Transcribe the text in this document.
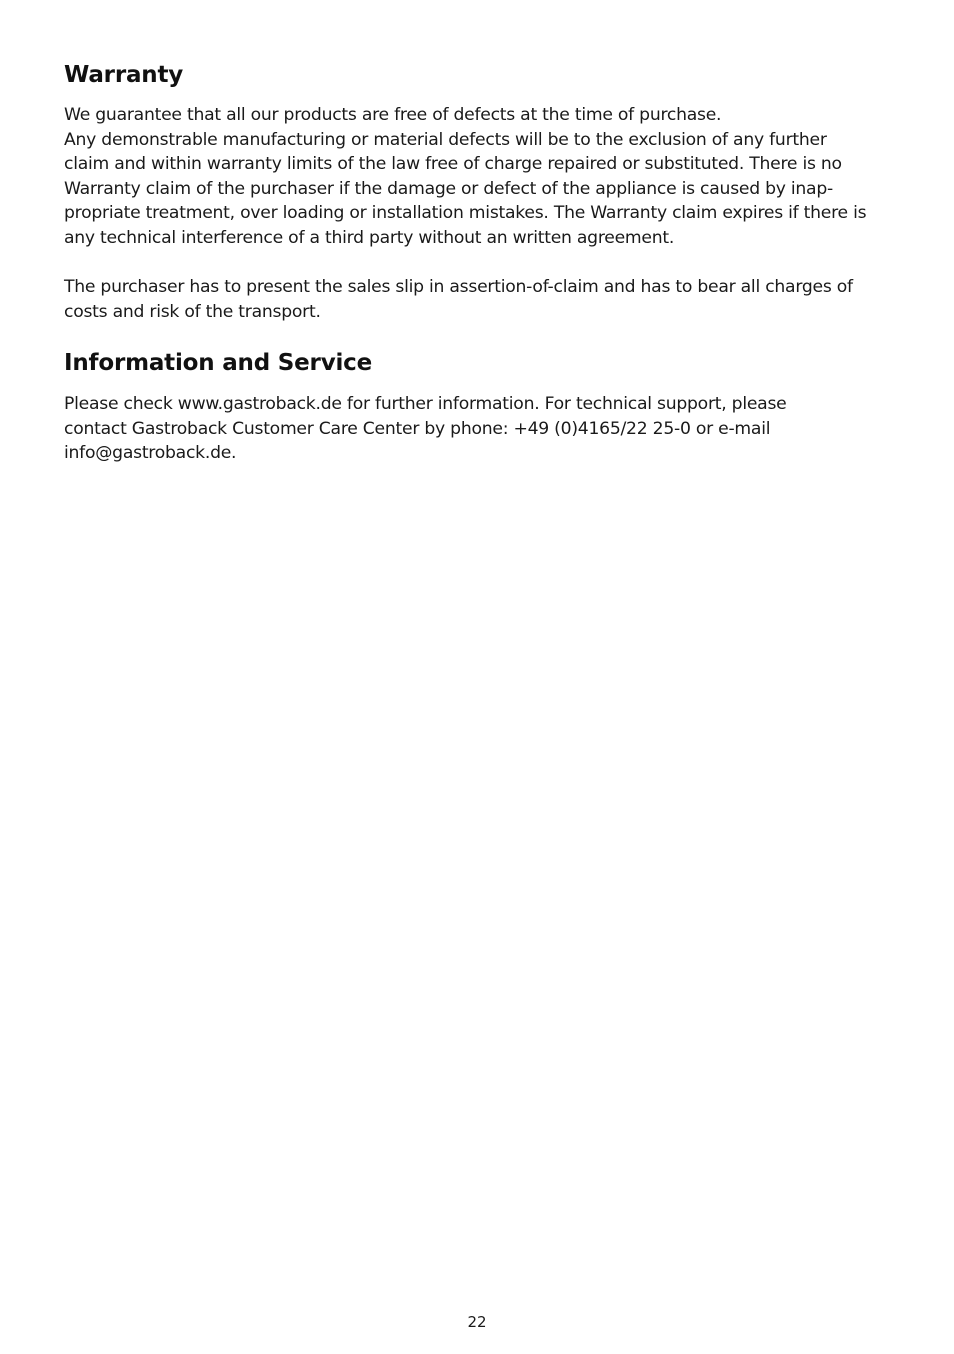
Warranty

We guarantee that all our products are free of defects at the time of purchase.
Any demonstrable manufacturing or material defects will be to the exclusion of any further
claim and within warranty limits of the law free of charge repaired or substituted. There is no
Warranty claim of the purchaser if the damage or defect of the appliance is caused by inap-
propriate treatment, over loading or installation mistakes. The Warranty claim expires if there is
any technical interference of a third party without an written agreement.

The purchaser has to present the sales slip in assertion-of-claim and has to bear all charges of
costs and risk of the transport.

Information and Service

Please check www.gastroback.de for further information. For technical support, please
contact Gastroback Customer Care Center by phone: +49 (0)4165/22 25-0 or e-mail
info@gastroback.de.

22
